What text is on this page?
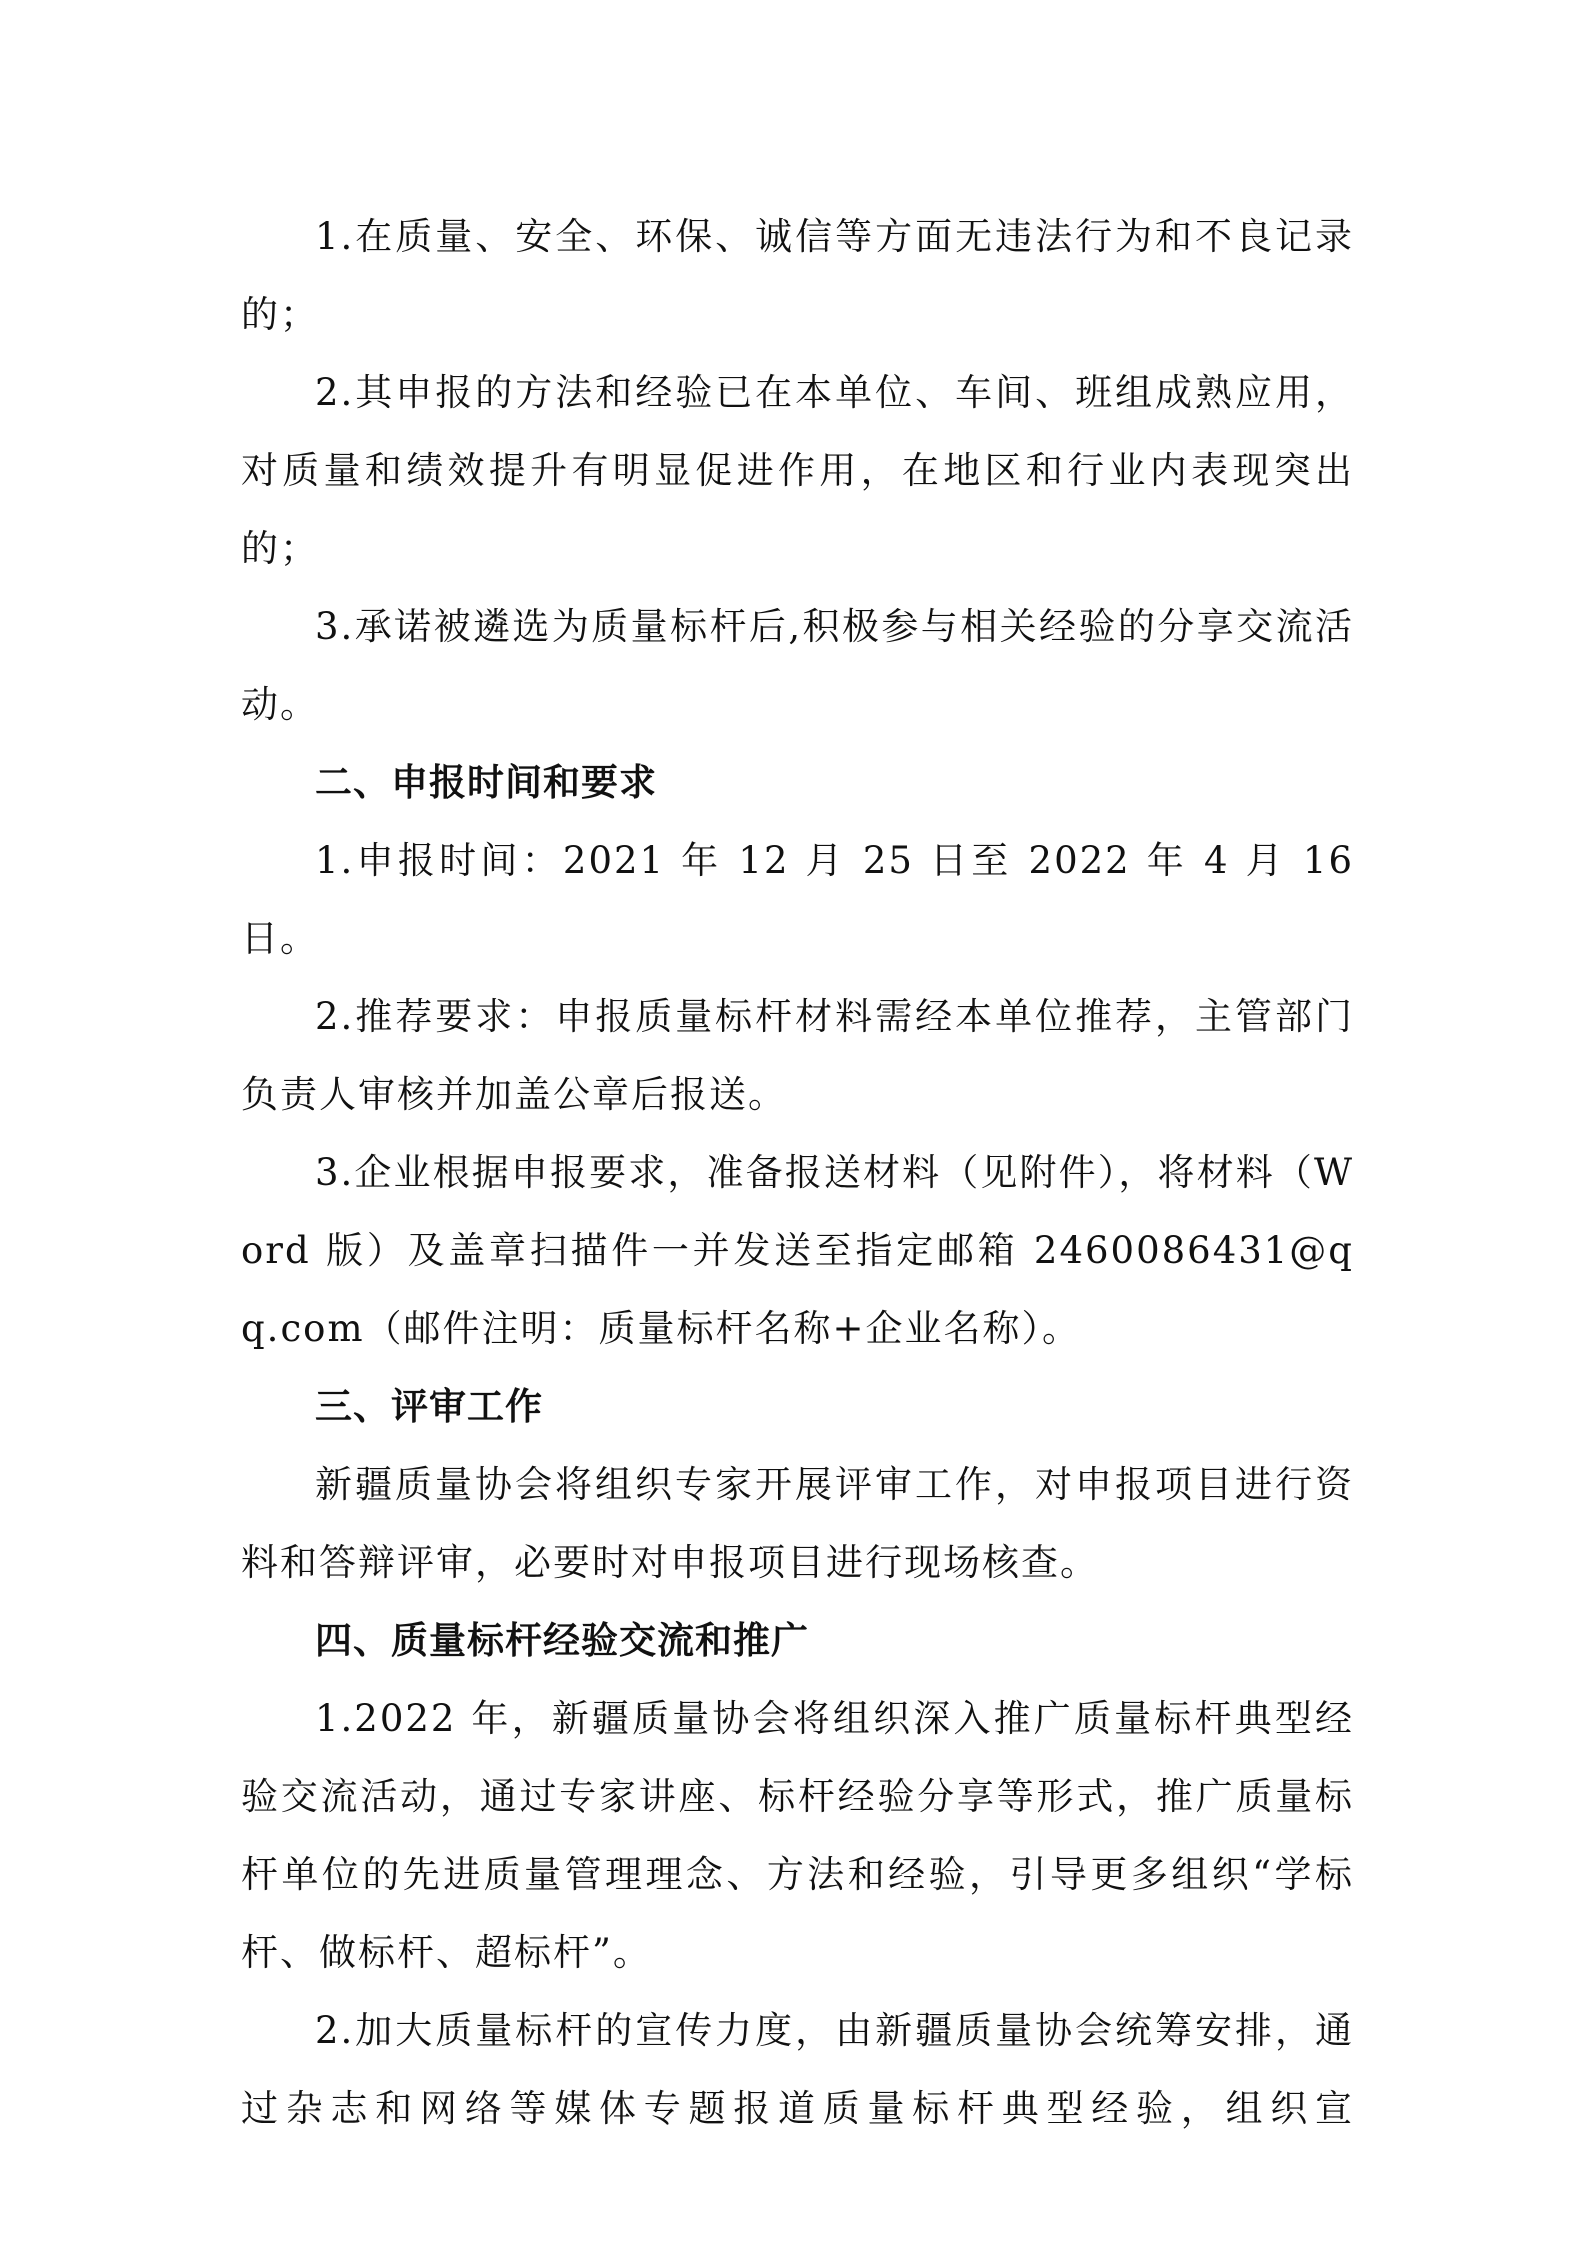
1.在质量、安全、环保、诚信等方面无违法行为和不良记录的；

2.其申报的方法和经验已在本单位、车间、班组成熟应用，对质量和绩效提升有明显促进作用，在地区和行业内表现突出的；

3.承诺被遴选为质量标杆后,积极参与相关经验的分享交流活动。

二、申报时间和要求

1.申报时间：2021 年 12 月 25 日至 2022 年 4 月 16 日。

2.推荐要求：申报质量标杆材料需经本单位推荐，主管部门负责人审核并加盖公章后报送。

3.企业根据申报要求，准备报送材料（见附件），将材料（Word 版）及盖章扫描件一并发送至指定邮箱 2460086431@qq.com（邮件注明：质量标杆名称+企业名称）。

三、评审工作

新疆质量协会将组织专家开展评审工作，对申报项目进行资料和答辩评审，必要时对申报项目进行现场核查。

四、质量标杆经验交流和推广

1.2022 年，新疆质量协会将组织深入推广质量标杆典型经验交流活动，通过专家讲座、标杆经验分享等形式，推广质量标杆单位的先进质量管理理念、方法和经验，引导更多组织“学标杆、做标杆、超标杆”。

2.加大质量标杆的宣传力度，由新疆质量协会统筹安排，通过杂志和网络等媒体专题报道质量标杆典型经验，组织宣
